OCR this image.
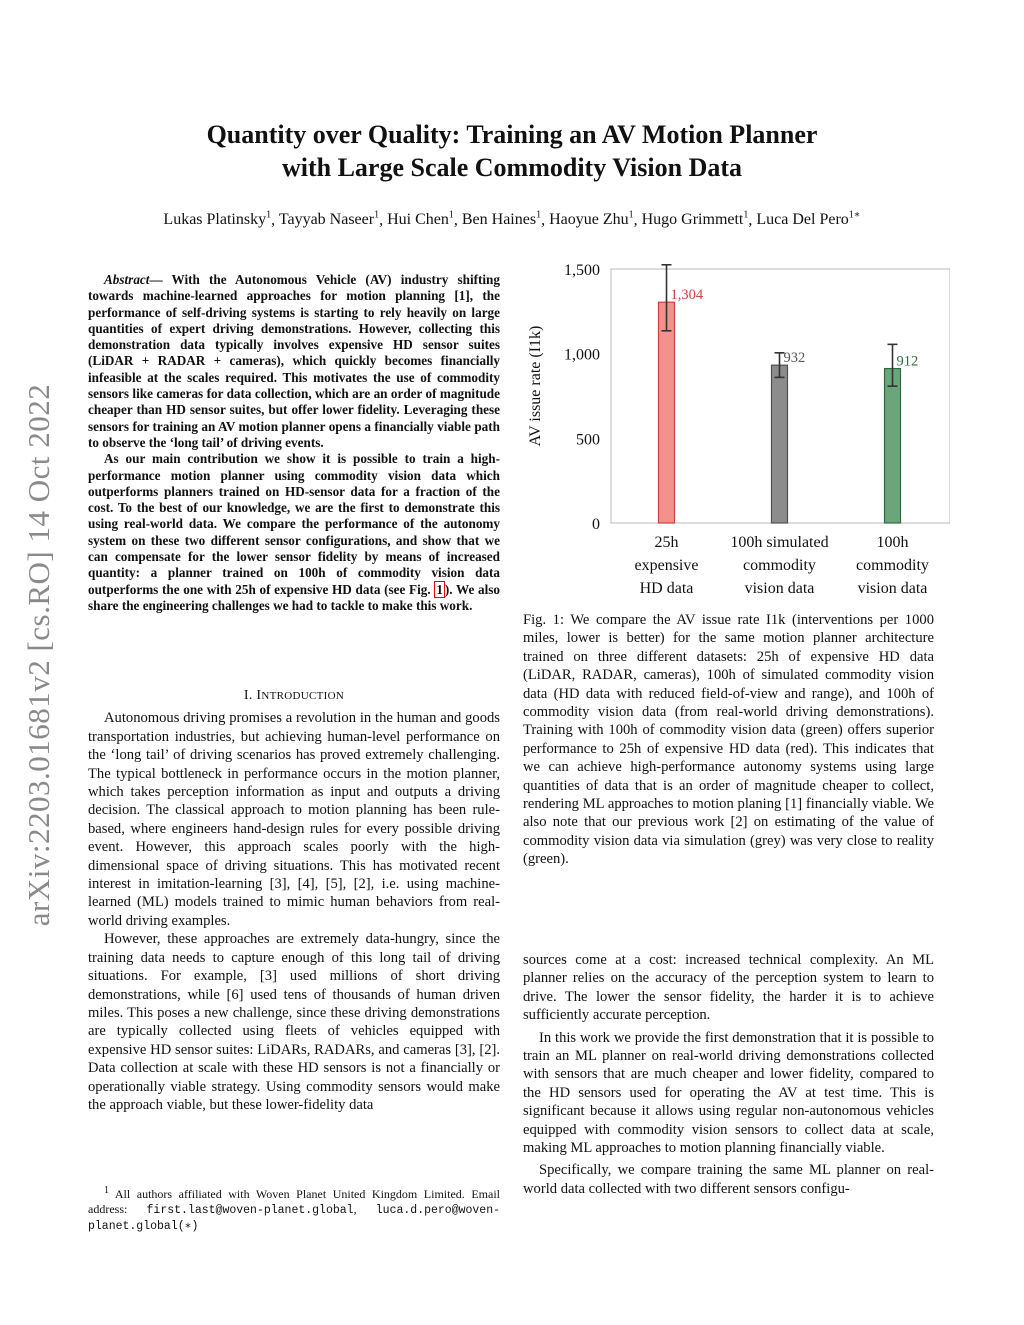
arXiv:2203.01681v2 [cs.RO] 14 Oct 2022
Quantity over Quality: Training an AV Motion Planner
with Large Scale Commodity Vision Data
Lukas Platinsky$^1$, Tayyab Naseer$^1$, Hui Chen$^1$, Ben Haines$^1$, Haoyue Zhu$^1$, Hugo Grimmett$^1$, Luca Del Pero$^{1∗}$

Abstract— With the Autonomous Vehicle (AV) industry shifting towards machine-learned approaches for motion planning [1], the performance of self-driving systems is starting to rely heavily on large quantities of expert driving demonstrations. However, collecting this demonstration data typically involves expensive HD sensor suites (LiDAR + RADAR + cameras), which quickly becomes financially infeasible at the scales required. This motivates the use of commodity sensors like cameras for data collection, which are an order of magnitude cheaper than HD sensor suites, but offer lower fidelity. Leveraging these sensors for training an AV motion planner opens a financially viable path to observe the ‘long tail’ of driving events.

As our main contribution we show it is possible to train a high-performance motion planner using commodity vision data which outperforms planners trained on HD-sensor data for a fraction of the cost. To the best of our knowledge, we are the first to demonstrate this using real-world data. We compare the performance of the autonomy system on these two different sensor configurations, and show that we can compensate for the lower sensor fidelity by means of increased quantity: a planner trained on 100h of commodity vision data outperforms the one with 25h of expensive HD data (see Fig. 1 ). We also share the engineering challenges we had to tackle to make this work.

I. INTRODUCTION

Autonomous driving promises a revolution in the human and goods transportation industries, but achieving human-level performance on the ‘long tail’ of driving scenarios has proved extremely challenging. The typical bottleneck in performance occurs in the motion planner, which takes perception information as input and outputs a driving decision. The classical approach to motion planning has been rule-based, where engineers hand-design rules for every possible driving event. However, this approach scales poorly with the high-dimensional space of driving situations. This has motivated recent interest in imitation-learning [3], [4], [5], [2], i.e. using machine-learned (ML) models trained to mimic human behaviors from real-world driving examples.

However, these approaches are extremely data-hungry, since the training data needs to capture enough of this long tail of driving situations. For example, [3] used millions of short driving demonstrations, while [6] used tens of thousands of human driven miles. This poses a new challenge, since these driving demonstrations are typically collected using fleets of vehicles equipped with expensive HD sensor suites: LiDARs, RADARs, and cameras [3], [2]. Data collection at scale with these HD sensors is not a financially or operationally viable strategy. Using commodity sensors would make the approach viable, but these lower-fidelity data

$^1$ All authors affiliated with Woven Planet United Kingdom Limited. Email address: first.last@woven-planet.global, luca.d.pero@woven-planet.global(∗)

0
500
1,000
1,500
AV issue rate (I1k)
1,304
25h
expensive
HD data
932
100h simulated
commodity
vision data
912
100h
commodity
vision data

Fig. 1: We compare the AV issue rate I1k (interventions per 1000 miles, lower is better) for the same motion planner architecture trained on three different datasets: 25h of expensive HD data (LiDAR, RADAR, cameras), 100h of simulated commodity vision data (HD data with reduced field-of-view and range), and 100h of commodity vision data (from real-world driving demonstrations). Training with 100h of commodity vision data (green) offers superior performance to 25h of expensive HD data (red). This indicates that we can achieve high-performance autonomy systems using large quantities of data that is an order of magnitude cheaper to collect, rendering ML approaches to motion planing [1] financially viable. We also note that our previous work [2] on estimating of the value of commodity vision data via simulation (grey) was very close to reality (green).

sources come at a cost: increased technical complexity. An ML planner relies on the accuracy of the perception system to learn to drive. The lower the sensor fidelity, the harder it is to achieve sufficiently accurate perception.

In this work we provide the first demonstration that it is possible to train an ML planner on real-world driving demonstrations collected with sensors that are much cheaper and lower fidelity, compared to the HD sensors used for operating the AV at test time. This is significant because it allows using regular non-autonomous vehicles equipped with commodity vision sensors to collect data at scale, making ML approaches to motion planning financially viable.

Specifically, we compare training the same ML planner on real-world data collected with two different sensors configu-
